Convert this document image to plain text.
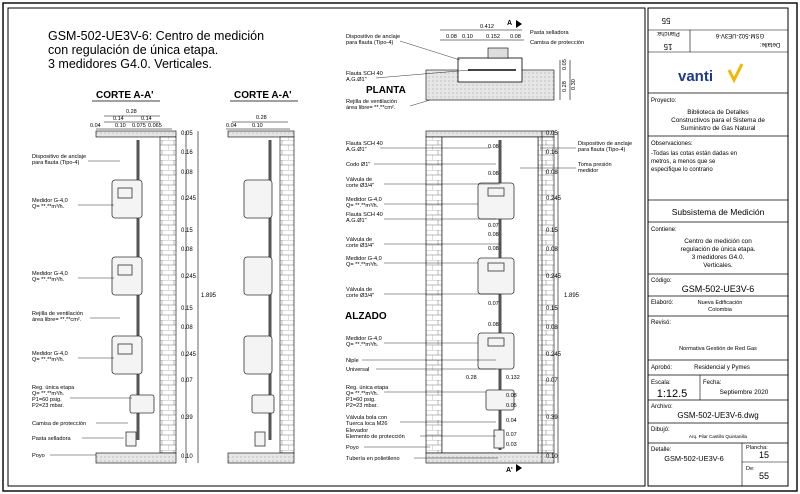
GSM-502-UE3V-6: Centro de medición
con regulación de única etapa.
3 medidores G4.0. Verticales.
CORTE A-A'	CORTE A-A'	PLANTA
ALZADO
0.28
0.14	0.14
0.04	0.10 0.075 0.065
0.28
0.04	0.10
1.895
Dispositivo de anclaje
para flauta (Tipo-4)
Medidor G-4,0
Q= **.**m³/h.
Medidor G-4,0
Q= **.**m³/h.
Rejilla de ventilación
área libre= **.**cm².
Medidor G-4,0
Q= **.**m³/h.
Reg. única etapa
Q= **.**m³/h.
P1=60 psig.
P2=23 mbar.
Camisa de protección
Pasta selladora
Poyo
0.412
0.08 0.10 0.152 0.08
A
0.28 0.30
0.05
Dispositivo de anclaje
para flauta (Tipo-4)
Pasta selladora
Camisa de protección
Flauta SCH 40
A.G.Ø1"
Rejilla de ventilación
área libre= **.**cm².
A'
0.08
0.08
0.08
0.07
0.08
0.07
0.08
0.28	0.132
0.08
0.05
0.04
0.07
0.03
1.895
0.05
0.16
0.08
0.245
0.15
0.08
0.245
0.15
0.08
0.245
0.07
0.39
0.10
0.05
0.16
0.08
0.245
0.15
0.08
0.245
0.15
0.08
0.245
0.07
0.39
0.10
Flauta SCH 40
A.G.Ø1"
Codo Ø1"
Válvula de
corte Ø3/4"
Medidor G-4,0
Q= **.**m³/h.
Flauta SCH 40
A.G.Ø1"
Válvula de
corte Ø3/4"
Medidor G-4,0
Q= **.**m³/h.
Válvula de
corte Ø3/4"
Medidor G-4,0
Q= **.**m³/h.
Niple
Universal
Reg. única etapa
Q= **.**m³/h.
P1=60 psig.
P2=23 mbar.
Válvula bola con
Tuerca loca M26
Elevador
Elemento de protección
Poyo
Tubería en polietileno
Dispositivo de anclaje
para flauta (Tipo-4)
Toma presión
medidor
GSM-502-UE3V-6
Detalle:
Plancha:
15
55
vanti
Proyecto:
Biblioteca de Detalles
Constructivos para el Sistema de
Suministro de Gas Natural
Observaciones:
-Todas las cotas están dadas en
metros, a menos que se
especifique lo contrario
Subsistema de Medición
Contiene:
Centro de medición con
regulación de única etapa.
3 medidores G4.0.
Verticales.
Código:
GSM-502-UE3V-6
Elaboró:	Nueva Edificación
Colombia
Revisó:
Normativa Gestión de Red Gas
Aprobó:	Residencial y Pymes
Escala:
1:12.5
Fecha:
Septiembre 2020
Archivo:
GSM-502-UE3V-6.dwg
Dibujó:
Arq. Pilar Castillo Quintanilla
Detalle:
GSM-502-UE3V-6
Plancha:
15
De:
55
